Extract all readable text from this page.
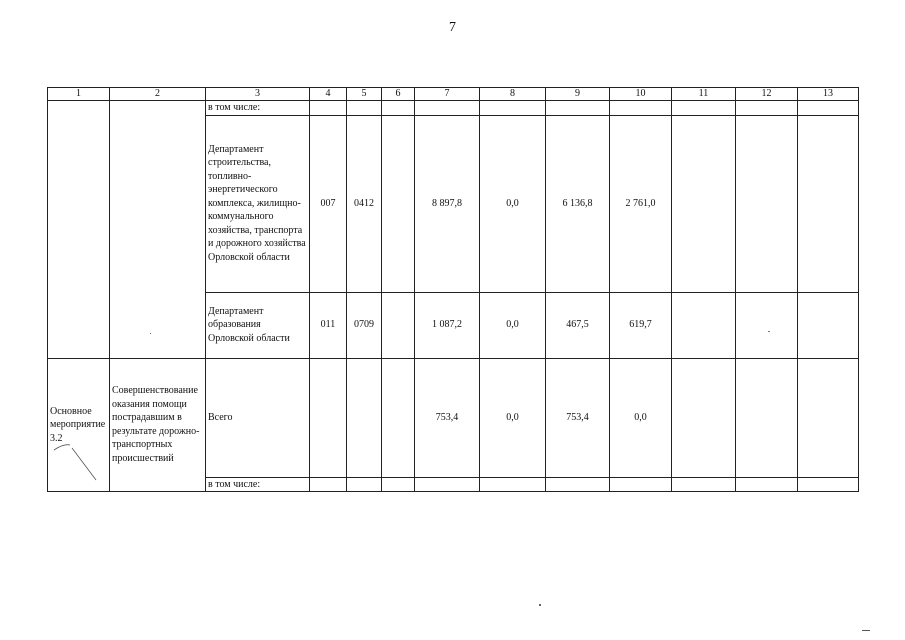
7
1	2	3	4	5	6	7	8	9	10	11	12	13
		в том числе:										
		Департамент строительства, топливно-энергетического комплекса, жилищно-коммунального хозяйства, транспорта и дорожного хозяйства Орловской области	007	0412		8 897,8	0,0	6 136,8	2 761,0			
		Департамент образования Орловской области	011	0709		1 087,2	0,0	467,5	619,7			
Основное мероприятие 3.2	Совершенствование оказания помощи пострадавшим в результате дорожно-транспортных происшествий	Всего				753,4	0,0	753,4	0,0			
		в том числе:										
